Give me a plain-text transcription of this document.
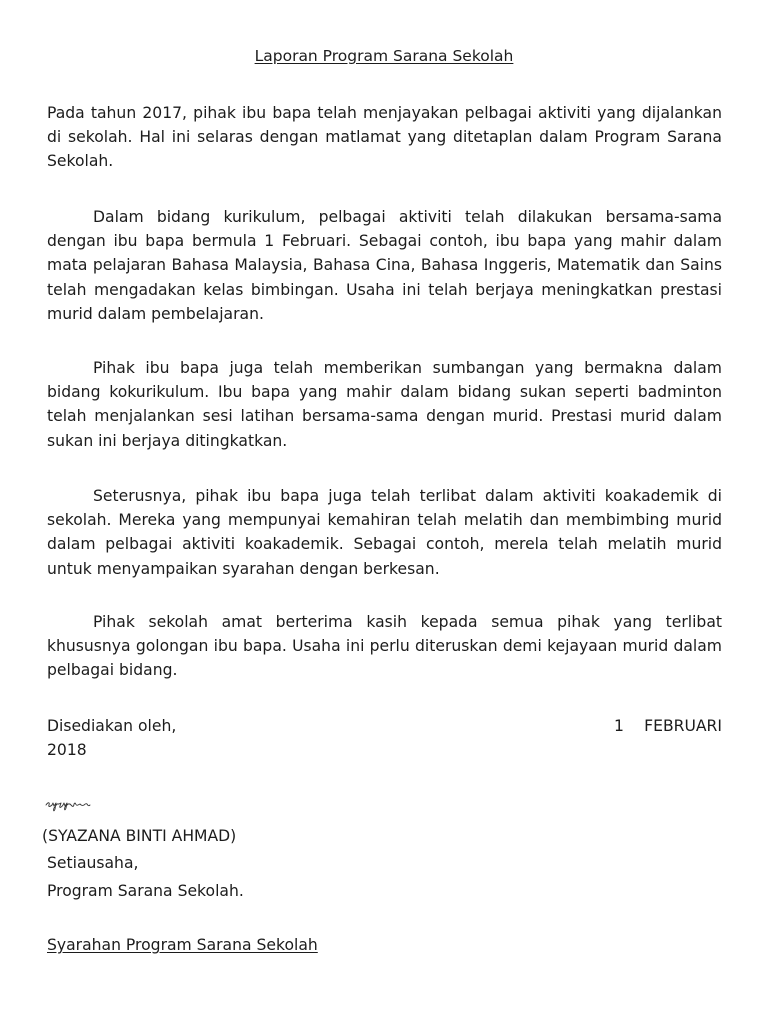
Laporan Program Sarana Sekolah
Pada tahun 2017, pihak ibu bapa telah menjayakan pelbagai aktiviti yang dijalankan di sekolah. Hal ini selaras dengan matlamat yang ditetaplan dalam Program Sarana Sekolah.
Dalam bidang kurikulum, pelbagai aktiviti telah dilakukan bersama-sama dengan ibu bapa bermula 1 Februari. Sebagai contoh, ibu bapa yang mahir dalam mata pelajaran Bahasa Malaysia, Bahasa Cina, Bahasa Inggeris, Matematik dan Sains telah mengadakan kelas bimbingan. Usaha ini telah berjaya meningkatkan prestasi murid dalam pembelajaran.
Pihak ibu bapa juga telah memberikan sumbangan yang bermakna dalam bidang kokurikulum. Ibu bapa yang mahir dalam bidang sukan seperti badminton telah menjalankan sesi latihan bersama-sama dengan murid. Prestasi murid dalam sukan ini berjaya ditingkatkan.
Seterusnya, pihak ibu bapa juga telah terlibat dalam aktiviti koakademik di sekolah. Mereka yang mempunyai kemahiran telah melatih dan membimbing murid dalam pelbagai aktiviti koakademik. Sebagai contoh, merela telah melatih murid untuk menyampaikan syarahan dengan berkesan.
Pihak sekolah amat berterima kasih kepada semua pihak yang terlibat khususnya golongan ibu bapa. Usaha ini perlu diteruskan demi kejayaan murid dalam pelbagai bidang.
Disediakan oleh,	1 FEBRUARI
2018
(SYAZANA BINTI AHMAD)
Setiausaha,
Program Sarana Sekolah.
Syarahan Program Sarana Sekolah
